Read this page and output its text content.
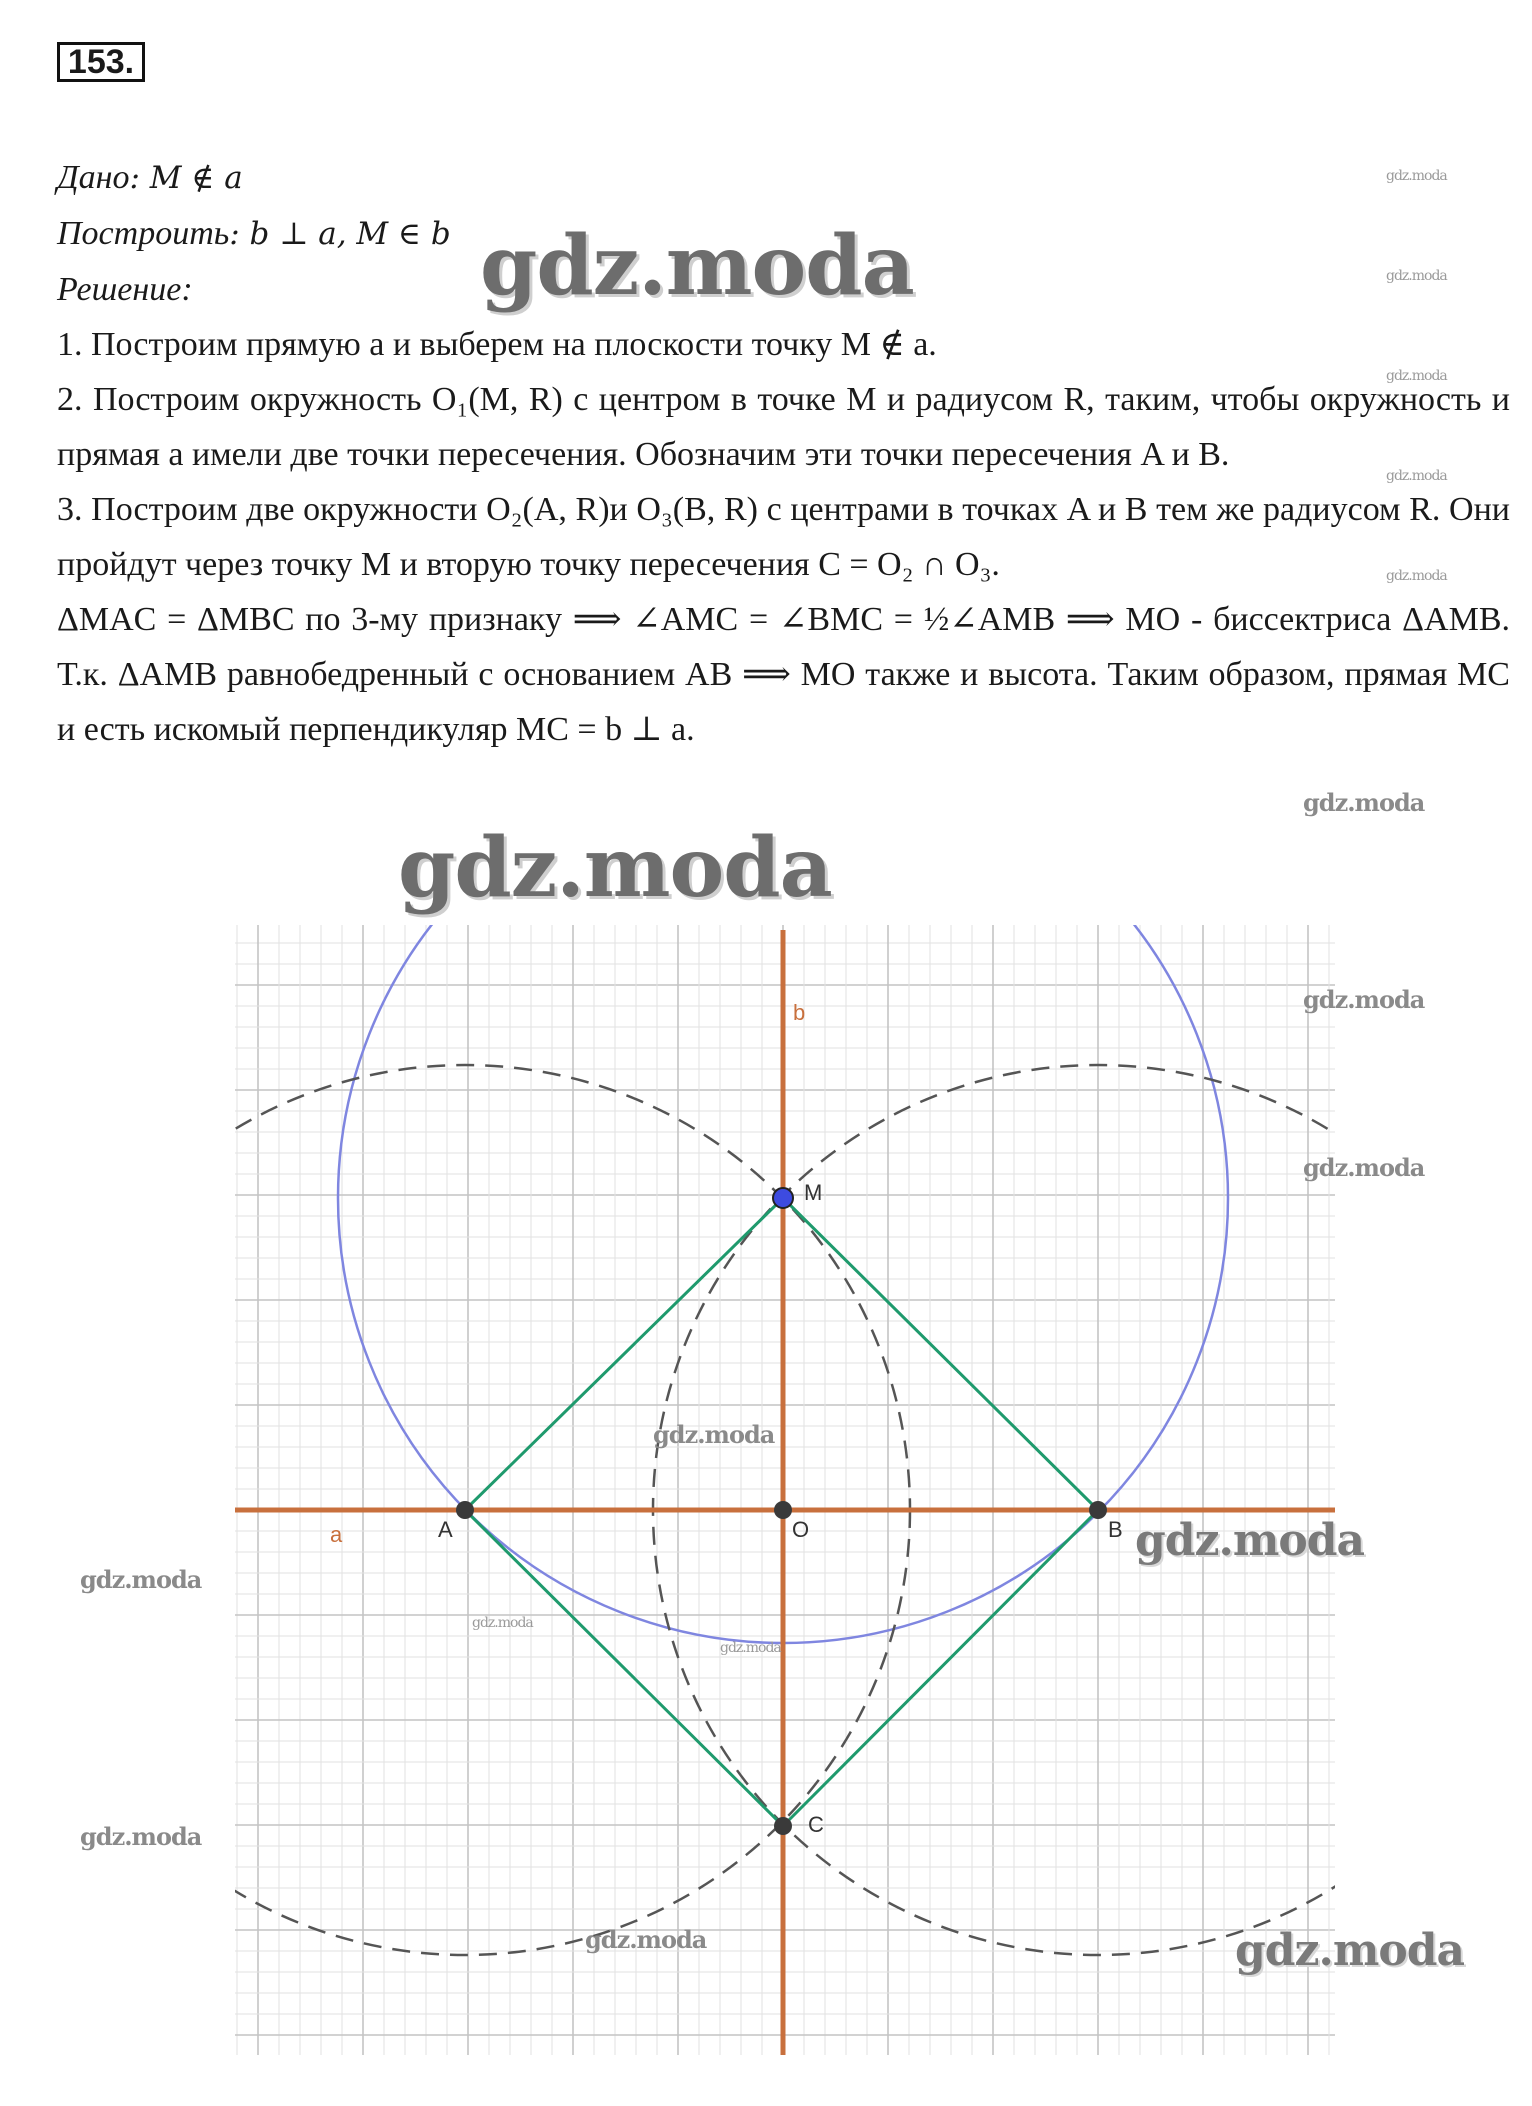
153.

Дано: M ∉ a

Построить: b ⊥ a, M ∈ b

Решение:

1. Построим прямую a и выберем на плоскости точку M ∉ a.

2. Построим окружность O₁(M, R) с центром в точке М и радиусом R, таким, чтобы окружность и прямая a имели две точки пересечения. Обозначим эти точки пересечения A и B.

3. Построим две окружности O₂(A, R)и O₃(B, R) с центрами в точках A и B тем же радиусом R. Они пройдут через точку M и вторую точку пересечения C = O₂ ∩ O₃.

ΔMAC = ΔMBC по 3-му признаку ⟹ ∠AMC = ∠BMC = ½∠AMB ⟹ MO - биссектриса ΔAMB. Т.к. ΔAMB равнобедренный с основанием AB ⟹ MO также и высота. Таким образом, прямая MC и есть искомый перпендикуляр MC = b ⊥ a.

a
b
A	B
O
M
C
gdz.moda
gdz.moda
gdz.moda
gdz.moda
gdz.moda
gdz.moda
gdz.moda
gdz.moda
gdz.moda
gdz.moda
gdz.moda
gdz.moda
gdz.moda
gdz.moda
gdz.moda
gdz.moda
gdz.moda
gdz.moda
